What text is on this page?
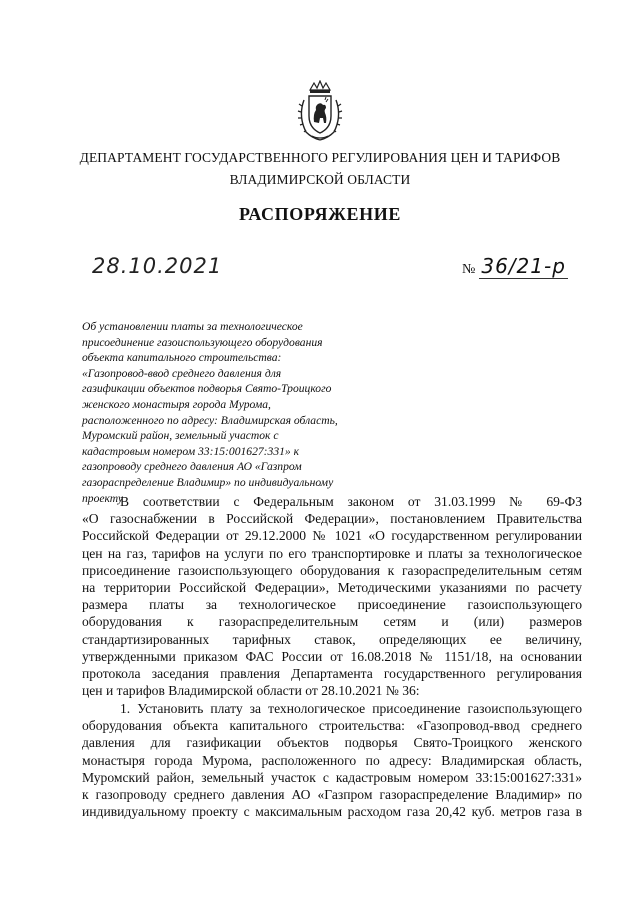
ДЕПАРТАМЕНТ ГОСУДАРСТВЕННОГО РЕГУЛИРОВАНИЯ ЦЕН И ТАРИФОВ
ВЛАДИМИРСКОЙ ОБЛАСТИ
РАСПОРЯЖЕНИЕ
28.10.2021	№ 36/21-р
Об установлении платы за технологическое
присоединение газоиспользующего оборудования
объекта капитального строительства:
«Газопровод-ввод среднего давления для
газификации объектов подворья Свято-Троицкого
женского монастыря города Мурома,
расположенного по адресу: Владимирская область,
Муромский район, земельный участок с
кадастровым номером 33:15:001627:331» к
газопроводу среднего давления АО «Газпром
газораспределение Владимир» по индивидуальному
проекту
В соответствии с Федеральным законом от 31.03.1999 № 69-ФЗ
«О газоснабжении в Российской Федерации», постановлением Правительства
Российской Федерации от 29.12.2000 № 1021 «О государственном регулировании
цен на газ, тарифов на услуги по его транспортировке и платы за технологическое
присоединение газоиспользующего оборудования к газораспределительным сетям
на территории Российской Федерации», Методическими указаниями по расчету
размера платы за технологическое присоединение газоиспользующего
оборудования к газораспределительным сетям и (или) размеров
стандартизированных тарифных ставок, определяющих ее величину,
утвержденными приказом ФАС России от 16.08.2018 № 1151/18, на основании
протокола заседания правления Департамента государственного регулирования
цен и тарифов Владимирской области от 28.10.2021 № 36:
1. Установить плату за технологическое присоединение газоиспользующего
оборудования объекта капитального строительства: «Газопровод-ввод среднего
давления для газификации объектов подворья Свято-Троицкого женского
монастыря города Мурома, расположенного по адресу: Владимирская область,
Муромский район, земельный участок с кадастровым номером 33:15:001627:331»
к газопроводу среднего давления АО «Газпром газораспределение Владимир» по
индивидуальному проекту с максимальным расходом газа 20,42 куб. метров газа в
